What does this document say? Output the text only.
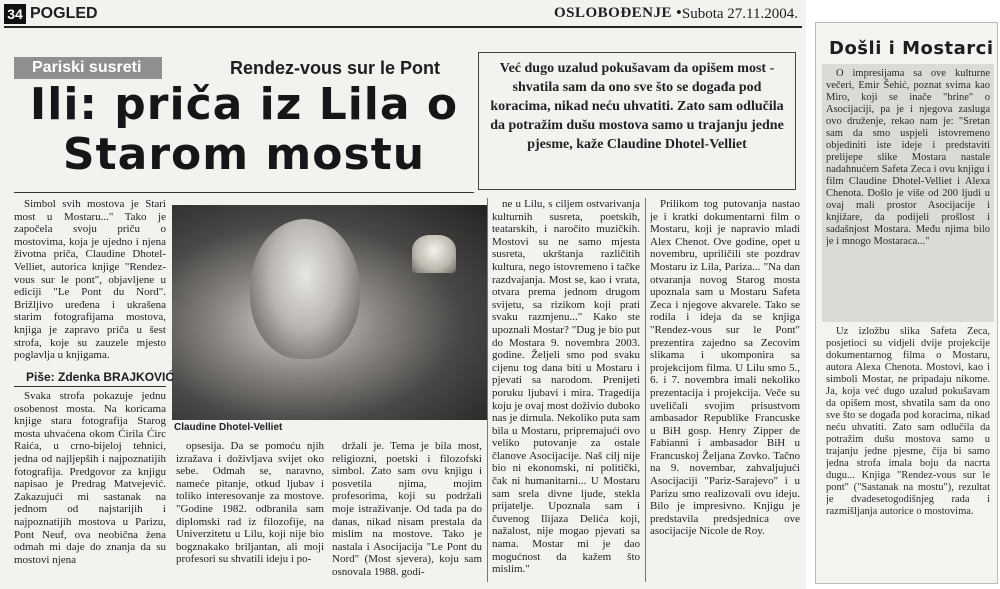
34 POGLED	OSLOBOĐENJE • Subota 27.11.2004.
Pariski susreti	Rendez-vous sur le Pont
Ili: priča iz Lila o Starom mostu
Već dugo uzalud pokušavam da opišem most - shvatila sam da ono sve što se događa pod koracima, nikad neću uhvatiti. Zato sam odlučila da potražim dušu mostova samo u trajanju jedne pjesme, kaže Claudine Dhotel-Velliet
Claudine Dhotel-Velliet

Simbol svih mostova je Stari most u Mostaru..." Tako je započela svoju priču o mostovima, koja je ujedno i njena životna priča, Claudine Dhotel-Velliet, autorica knjige "Rendez-vous sur le pont", objavljene u ediciji "Le Pont du Nord". Brižljivo uređena i ukrašena starim fotografijama mostova, knjiga je zapravo priča u šest strofa, koje su zauzele mjesto poglavlja u knjigama.

Piše: Zdenka BRAJKOVIĆ

Svaka strofa pokazuje jednu osobenost mosta. Na koricama knjige stara fotografija Starog mosta uhvaćena okom Ćirila Ćirc Raića, u crno-bijeloj tehnici, jedna od najljepših i najpoznatijih fotografija. Predgovor za knjigu napisao je Predrag Matvejević. Zakazujući mi sastanak na jednom od najstarijih i najpoznatijih mostova u Parizu, Pont Neuf, ova neobična žena odmah mi daje do znanja da su mostovi njena

opsesija. Da se pomoću njih izražava i doživljava svijet oko sebe. Odmah se, naravno, nameće pitanje, otkud ljubav i toliko interesovanje za mostove. "Godine 1982. odbranila sam diplomski rad iz filozofije, na Univerzitetu u Lilu, koji nije bio bogznakako briljantan, ali moji profesori su shvatili ideju i po-

držali je. Tema je bila most, religiozni, poetski i filozofski simbol. Zato sam ovu knjigu i posvetila njima, mojim profesorima, koji su podržali moje istraživanje. Od tada pa do danas, nikad nisam prestala da mislim na mostove. Tako je nastala i Asocijacija "Le Pont du Nord" (Most sjevera), koju sam osnovala 1988. godi-

ne u Lilu, s ciljem ostvarivanja kulturnih susreta, poetskih, teatarskih, i naročito muzičkih. Mostovi su ne samo mjesta susreta, ukrštanja različitih kultura, nego istovremeno i tačke razdvajanja. Most se, kao i vrata, otvara prema jednom drugom svijetu, sa rizikom koji prati svaku razmjenu..." Kako ste upoznali Mostar? "Dug je bio put do Mostara 9. novembra 2003. godine. Željeli smo pod svaku cijenu tog dana biti u Mostaru i pjevati sa narodom. Prenijeti poruku ljubavi i mira. Tragedija koju je ovaj most doživio duboko nas je dirnula. Nekoliko puta sam bila u Mostaru, pripremajući ovo veliko putovanje za ostale članove Asocijacije. Naš cilj nije bio ni ekonomski, ni politički, čak ni humanitarni... U Mostaru sam srela divne ljude, stekla prijatelje. Upoznala sam i čuvenog Ilijaza Delića koji, nažalost, nije mogao pjevati sa nama. Mostar mi je dao mogućnost da kažem što mislim."

Prilikom tog putovanja nastao je i kratki dokumentarni film o Mostaru, koji je napravio mladi Alex Chenot. Ove godine, opet u novembru, upriličili ste pozdrav Mostaru iz Lila, Pariza... "Na dan otvaranja novog Starog mosta upoznala sam u Mostaru Safeta Zeca i njegove akvarele. Tako se rodila i ideja da se knjiga "Rendez-vous sur le Pont" prezentira zajedno sa Zecovim slikama i ukomponira sa projekcijom filma. U Lilu smo 5., 6. i 7. novembra imali nekoliko prezentacija i projekcija. Veče su uveličali svojim prisustvom ambasador Republike Francuske u BiH gosp. Henry Zipper de Fabianni i ambasador BiH u Francuskoj Željana Zovko. Tačno na 9. novembar, zahvaljujući Asocijaciji "Pariz-Sarajevo" i u Parizu smo realizovali ovu ideju. Bilo je impresivno. Knjigu je predstavila predsjednica ove asocijacije Nicole de Roy.

Došli i Mostarci

O impresijama sa ove kulturne večeri, Emir Šehić, poznat svima kao Miro, koji se inače "brine" o Asocijaciji, pa je i njegova zasluga ovo druženje, rekao nam je: "Sretan sam da smo uspjeli istovremeno objediniti iste ideje i predstaviti prelijepe slike Mostara nastale nadahnućem Safeta Zeca i ovu knjigu i film Claudine Dhotel-Velliet i Alexa Chenota. Došlo je više od 200 ljudi u ovaj mali prostor Asocijacije i knjižare, da podijeli prošlost i sadašnjost Mostara. Među njima bilo je i mnogo Mostaraca..."

Uz izložbu slika Safeta Zeca, posjetioci su vidjeli dvije projekcije dokumentarnog filma o Mostaru, autora Alexa Chenota. Mostovi, kao i simboli Mostar, ne pripadaju nikome. Ja, koja već dugo uzalud pokušavam da opišem most, shvatila sam da ono sve što se događa pod koracima, nikad neću uhvatiti. Zato sam odlučila da potražim dušu mostova samo u trajanju jedne pjesme, čija bi samo jedna strofa imala boju da nacrta dugu... Knjiga "Rendez-vous sur le pont" ("Sastanak na mostu"), rezultat je dvadesetogodišnjeg rada i razmišljanja autorice o mostovima.
